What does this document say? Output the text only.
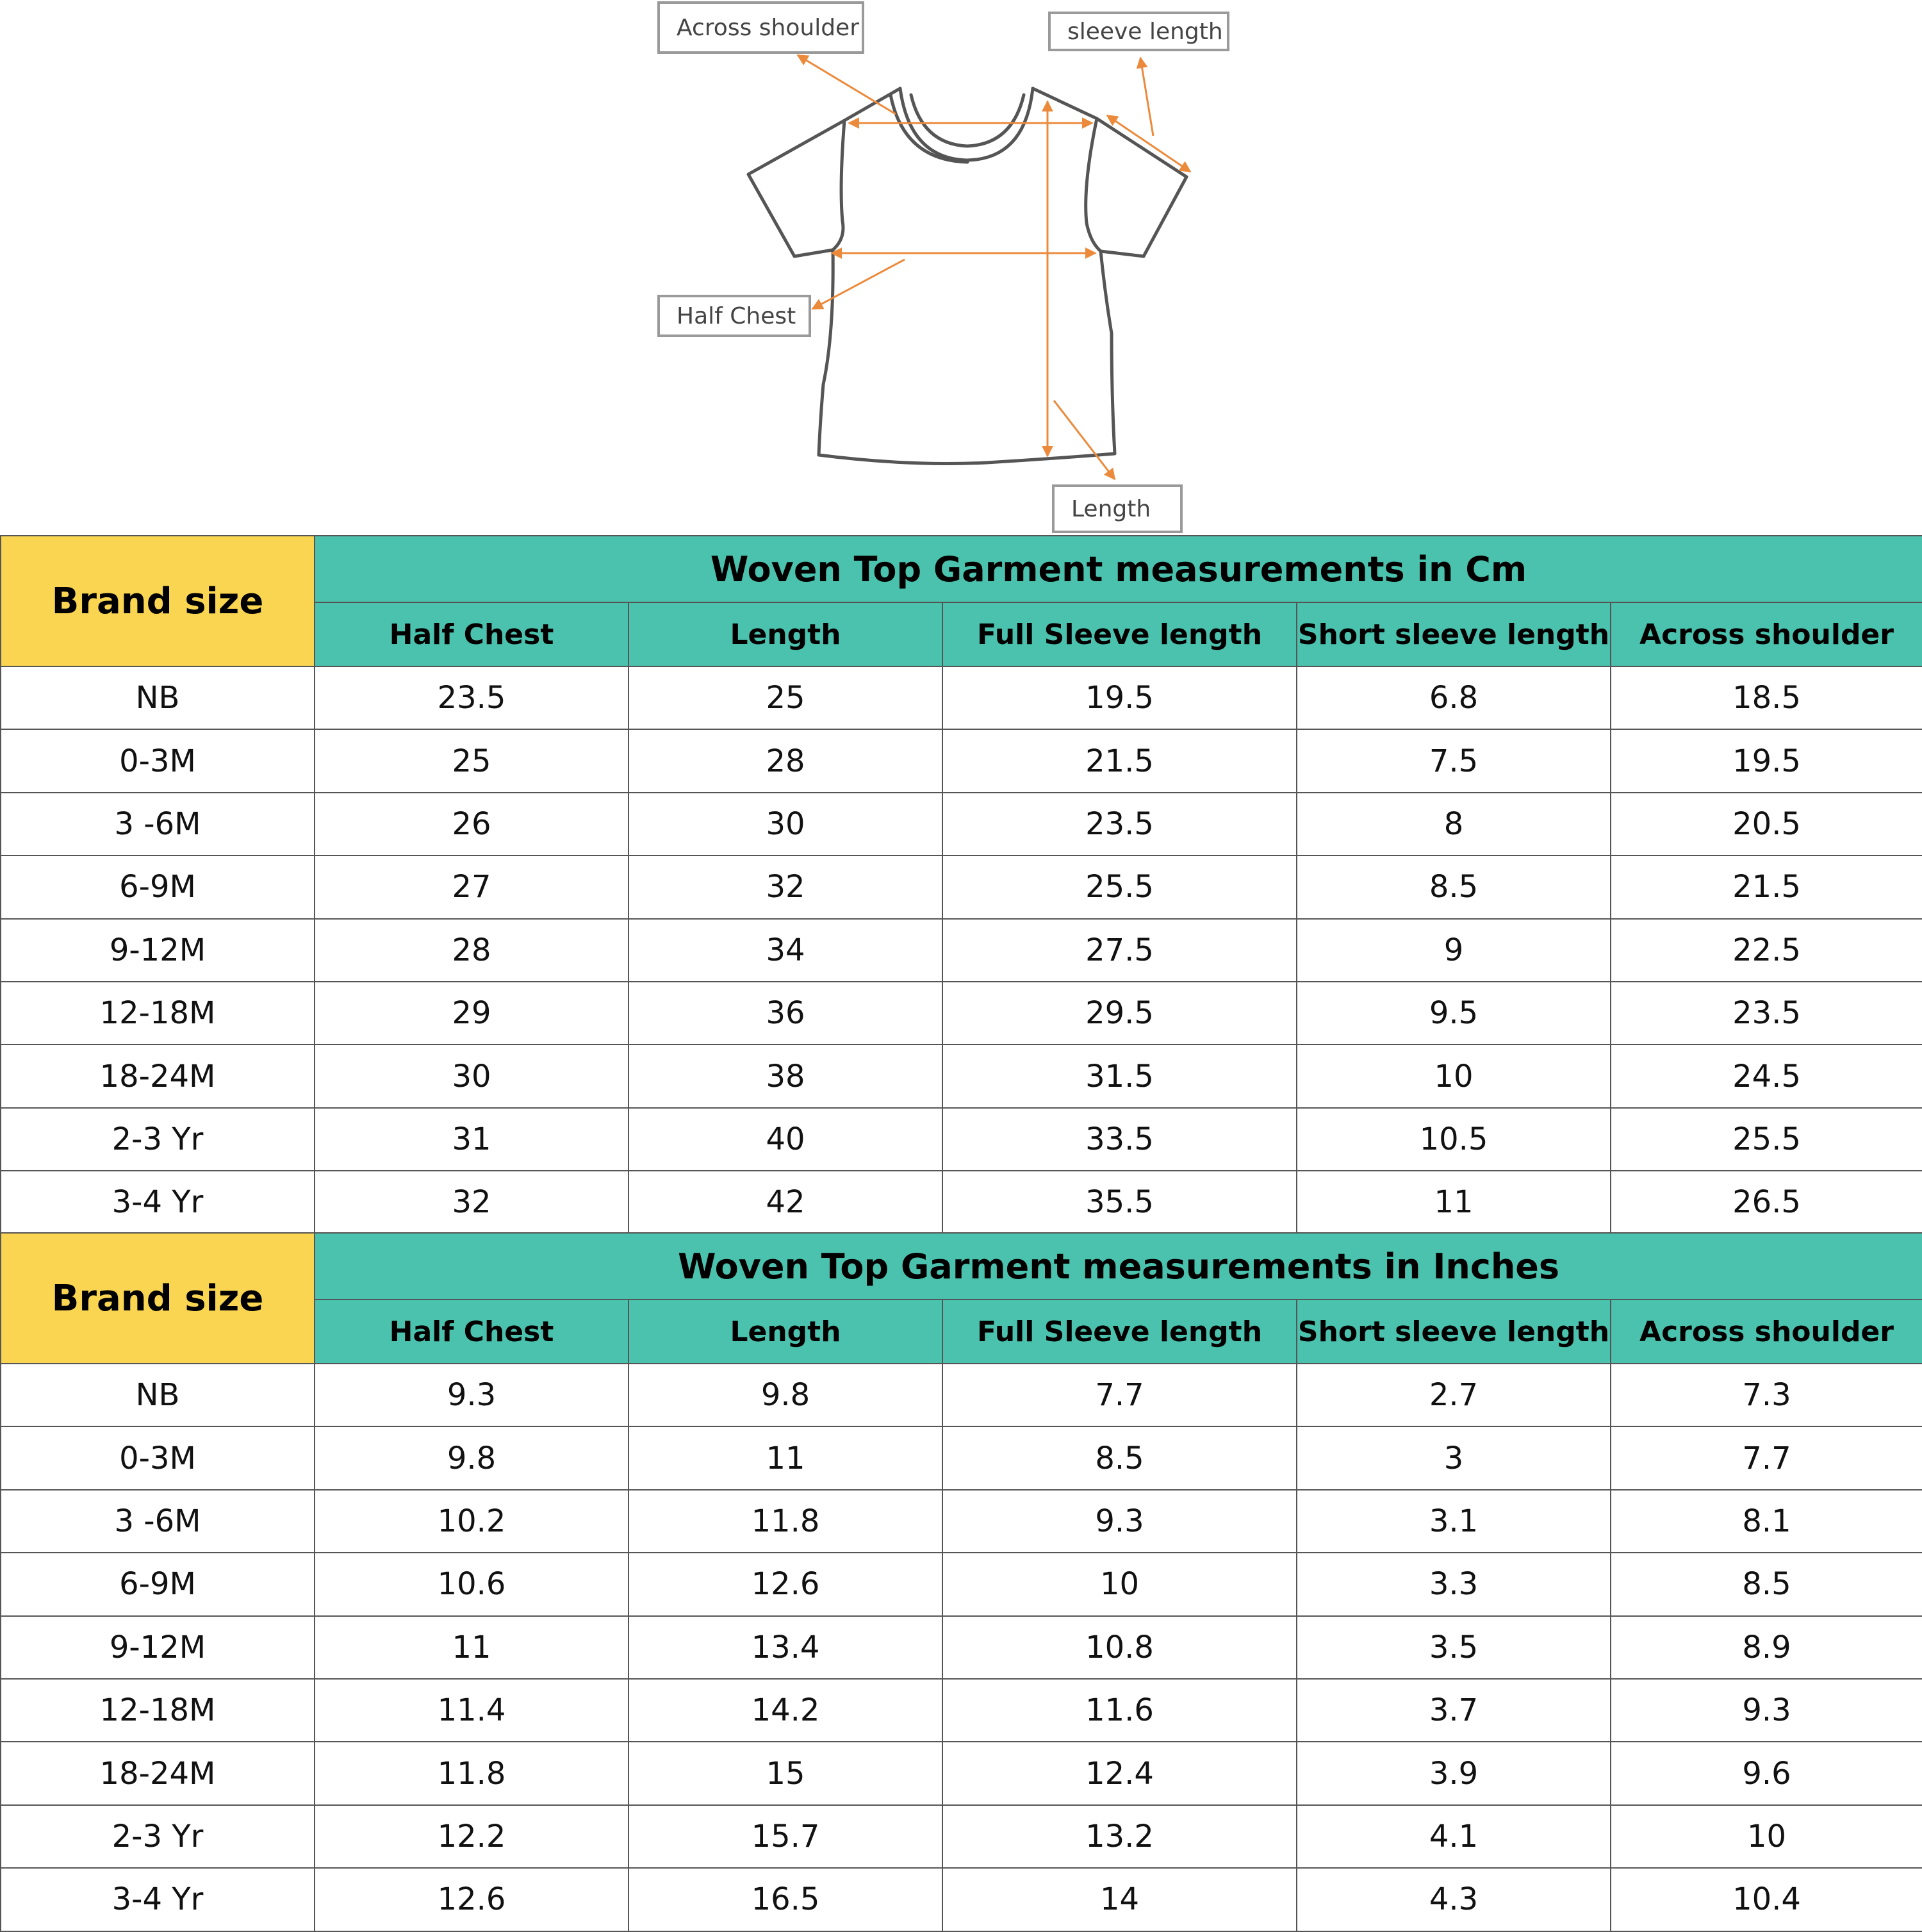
Across shoulder	sleeve length
Half Chest
Length
Brand size	Woven Top Garment measurements in Cm				
	Half Chest	Length	Full Sleeve length	Short sleeve length	Across shoulder
NB	23.5	25	19.5	6.8	18.5
0-3M	25	28	21.5	7.5	19.5
3 -6M	26	30	23.5	8	20.5
6-9M	27	32	25.5	8.5	21.5
9-12M	28	34	27.5	9	22.5
12-18M	29	36	29.5	9.5	23.5
18-24M	30	38	31.5	10	24.5
2-3 Yr	31	40	33.5	10.5	25.5
3-4 Yr	32	42	35.5	11	26.5
Brand size	Woven Top Garment measurements in Inches				
	Half Chest	Length	Full Sleeve length	Short sleeve length	Across shoulder
NB	9.3	9.8	7.7	2.7	7.3
0-3M	9.8	11	8.5	3	7.7
3 -6M	10.2	11.8	9.3	3.1	8.1
6-9M	10.6	12.6	10	3.3	8.5
9-12M	11	13.4	10.8	3.5	8.9
12-18M	11.4	14.2	11.6	3.7	9.3
18-24M	11.8	15	12.4	3.9	9.6
2-3 Yr	12.2	15.7	13.2	4.1	10
3-4 Yr	12.6	16.5	14	4.3	10.4
